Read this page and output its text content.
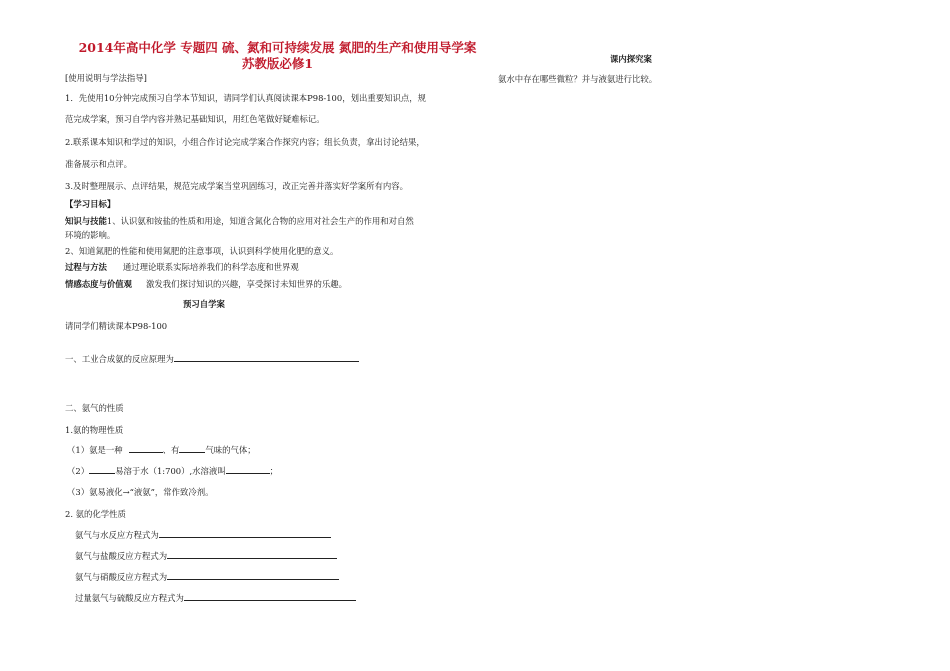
2014年高中化学 专题四 硫、氮和可持续发展 氮肥的生产和使用导学案

苏教版必修1

[使用说明与学法指导]

1．先使用10分钟完成预习自学本节知识，请同学们认真阅读课本P98-100，划出重要知识点，规

范完成学案，预习自学内容并熟记基础知识，用红色笔做好疑难标记。

2.联系课本知识和学过的知识，小组合作讨论完成学案合作探究内容；组长负责，拿出讨论结果，

准备展示和点评。

3.及时整理展示、点评结果，规范完成学案当堂巩固练习，改正完善并落实好学案所有内容。

【学习目标】

知识与技能1、认识氨和铵盐的性质和用途，知道含氮化合物的应用对社会生产的作用和对自然

环境的影响。

2、知道氮肥的性能和使用氮肥的注意事项，认识到科学使用化肥的意义。

过程与方法 通过理论联系实际培养我们的科学态度和世界观

情感态度与价值观 激发我们探讨知识的兴趣，享受探讨未知世界的乐趣。

预习自学案

请同学们精读课本P98-100

一、工业合成氨的反应原理为

二、氨气的性质

1.氨的物理性质

（1）氨是一种	、有	气味的气体；

（2）	易溶于水（1:700）,水溶液叫	；

（3）氨易液化→“液氨”，常作致冷剂。

2. 氨的化学性质

氨气与水反应方程式为

氨气与盐酸反应方程式为

氨气与硝酸反应方程式为

过量氨气与硫酸反应方程式为

课内探究案

氨水中存在哪些微粒？并与液氨进行比较。
